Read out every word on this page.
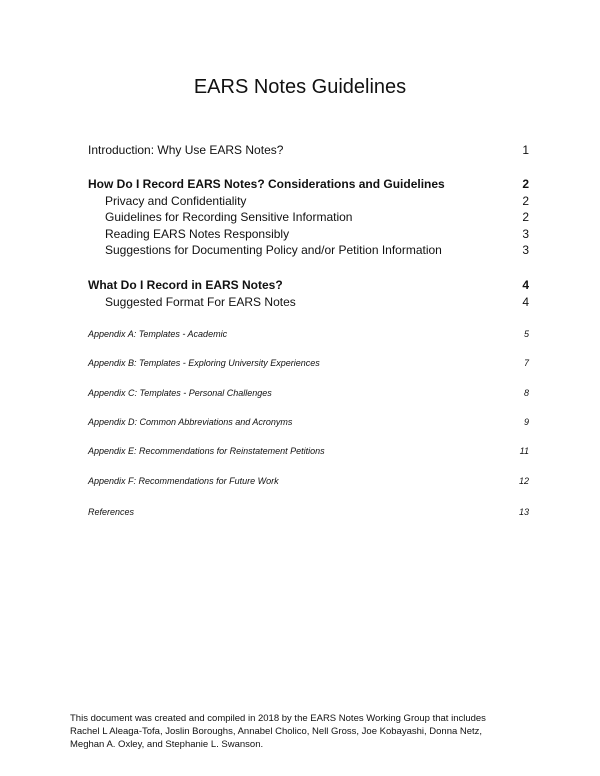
EARS Notes Guidelines
Introduction: Why Use EARS Notes?	1
How Do I Record EARS Notes? Considerations and Guidelines	2
Privacy and Confidentiality	2
Guidelines for Recording Sensitive Information	2
Reading EARS Notes Responsibly	3
Suggestions for Documenting Policy and/or Petition Information	3
What Do I Record in EARS Notes?	4
Suggested Format For EARS Notes	4
Appendix A: Templates - Academic	5
Appendix B: Templates - Exploring University Experiences	7
Appendix C: Templates - Personal Challenges	8
Appendix D: Common Abbreviations and Acronyms	9
Appendix E: Recommendations for Reinstatement Petitions	11
Appendix F: Recommendations for Future Work	12
References	13
This document was created and compiled in 2018 by the EARS Notes Working Group that includes
Rachel L Aleaga-Tofa, Joslin Boroughs, Annabel Cholico, Nell Gross, Joe Kobayashi, Donna Netz,
Meghan A. Oxley, and Stephanie L. Swanson.
